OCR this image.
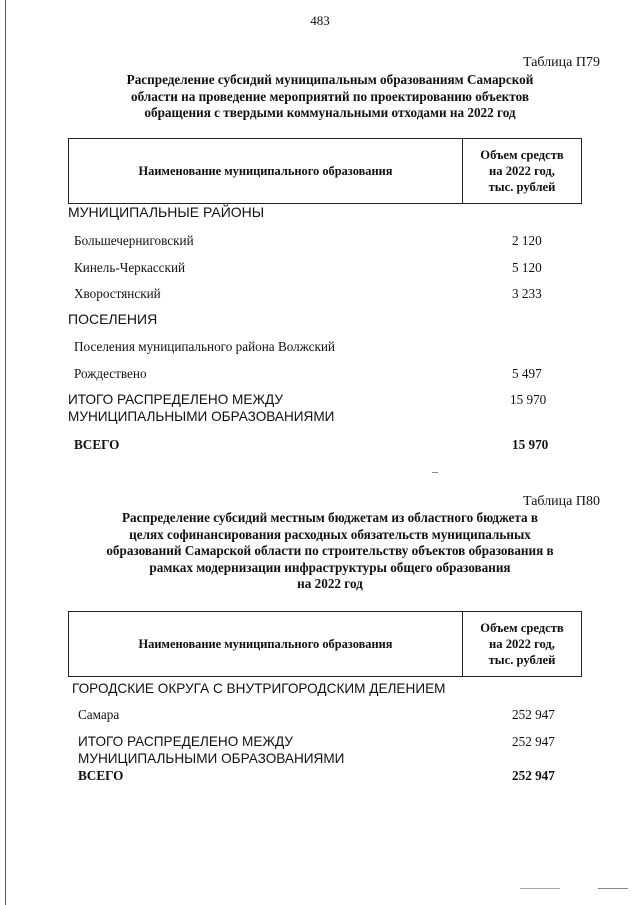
483
Таблица П79
Распределение субсидий муниципальным образованиям Самарской
области на проведение мероприятий по проектированию объектов
обращения с твердыми коммунальными отходами на 2022 год
Наименование муниципального образования
Объем средств
на 2022 год,
тыс. рублей
МУНИЦИПАЛЬНЫЕ РАЙОНЫ
Большечерниговский	2 120
Кинель-Черкасский	5 120
Хворостянский	3 233
ПОСЕЛЕНИЯ
Поселения муниципального района Волжский
Рождествено	5 497
ИТОГО РАСПРЕДЕЛЕНО МЕЖДУ
МУНИЦИПАЛЬНЫМИ ОБРАЗОВАНИЯМИ
15 970
ВСЕГО	15 970
Таблица П80
Распределение субсидий местным бюджетам из областного бюджета в
целях софинансирования расходных обязательств муниципальных
образований Самарской области по строительству объектов образования в
рамках модернизации инфраструктуры общего образования
на 2022 год
Наименование муниципального образования
Объем средств
на 2022 год,
тыс. рублей
ГОРОДСКИЕ ОКРУГА С ВНУТРИГОРОДСКИМ ДЕЛЕНИЕМ
Самара	252 947
ИТОГО РАСПРЕДЕЛЕНО МЕЖДУ
МУНИЦИПАЛЬНЫМИ ОБРАЗОВАНИЯМИ
252 947
ВСЕГО	252 947
